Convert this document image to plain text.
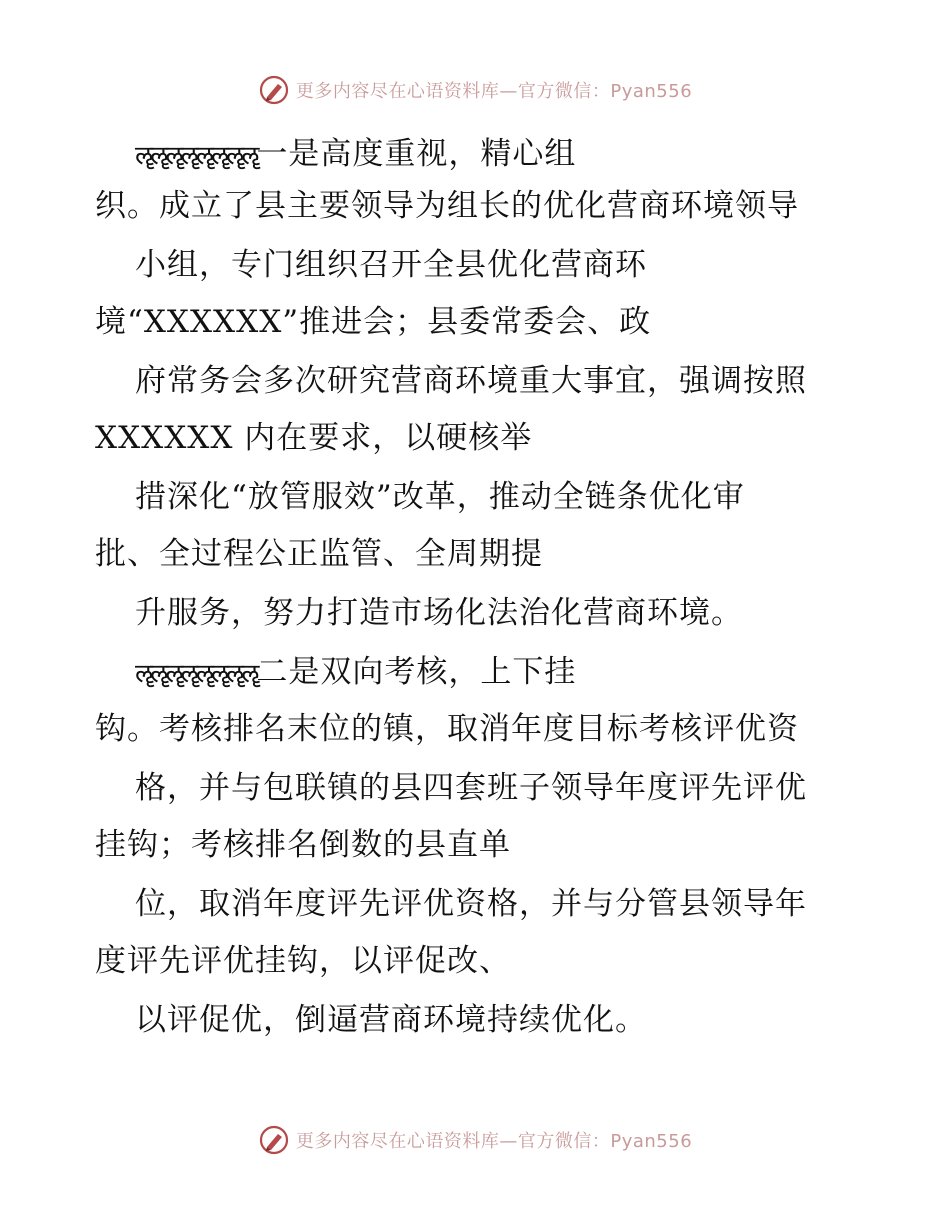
更多内容尽在心语资料库—官方微信：Pyan556
ॡॡॡॡॡॡॡॡ一是高度重视，精心组
织。成立了县主要领导为组长的优化营商环境领导
小组，专门组织召开全县优化营商环
境“XXXXXX”推进会；县委常委会、政
府常务会多次研究营商环境重大事宜，强调按照
XXXXXX 内在要求，以硬核举
措深化“放管服效”改革，推动全链条优化审
批、全过程公正监管、全周期提
升服务，努力打造市场化法治化营商环境。
ॡॡॡॡॡॡॡॡ二是双向考核，上下挂
钩。考核排名末位的镇，取消年度目标考核评优资
格，并与包联镇的县四套班子领导年度评先评优
挂钩；考核排名倒数的县直单
位，取消年度评先评优资格，并与分管县领导年
度评先评优挂钩，以评促改、
以评促优，倒逼营商环境持续优化。
更多内容尽在心语资料库—官方微信：Pyan556
